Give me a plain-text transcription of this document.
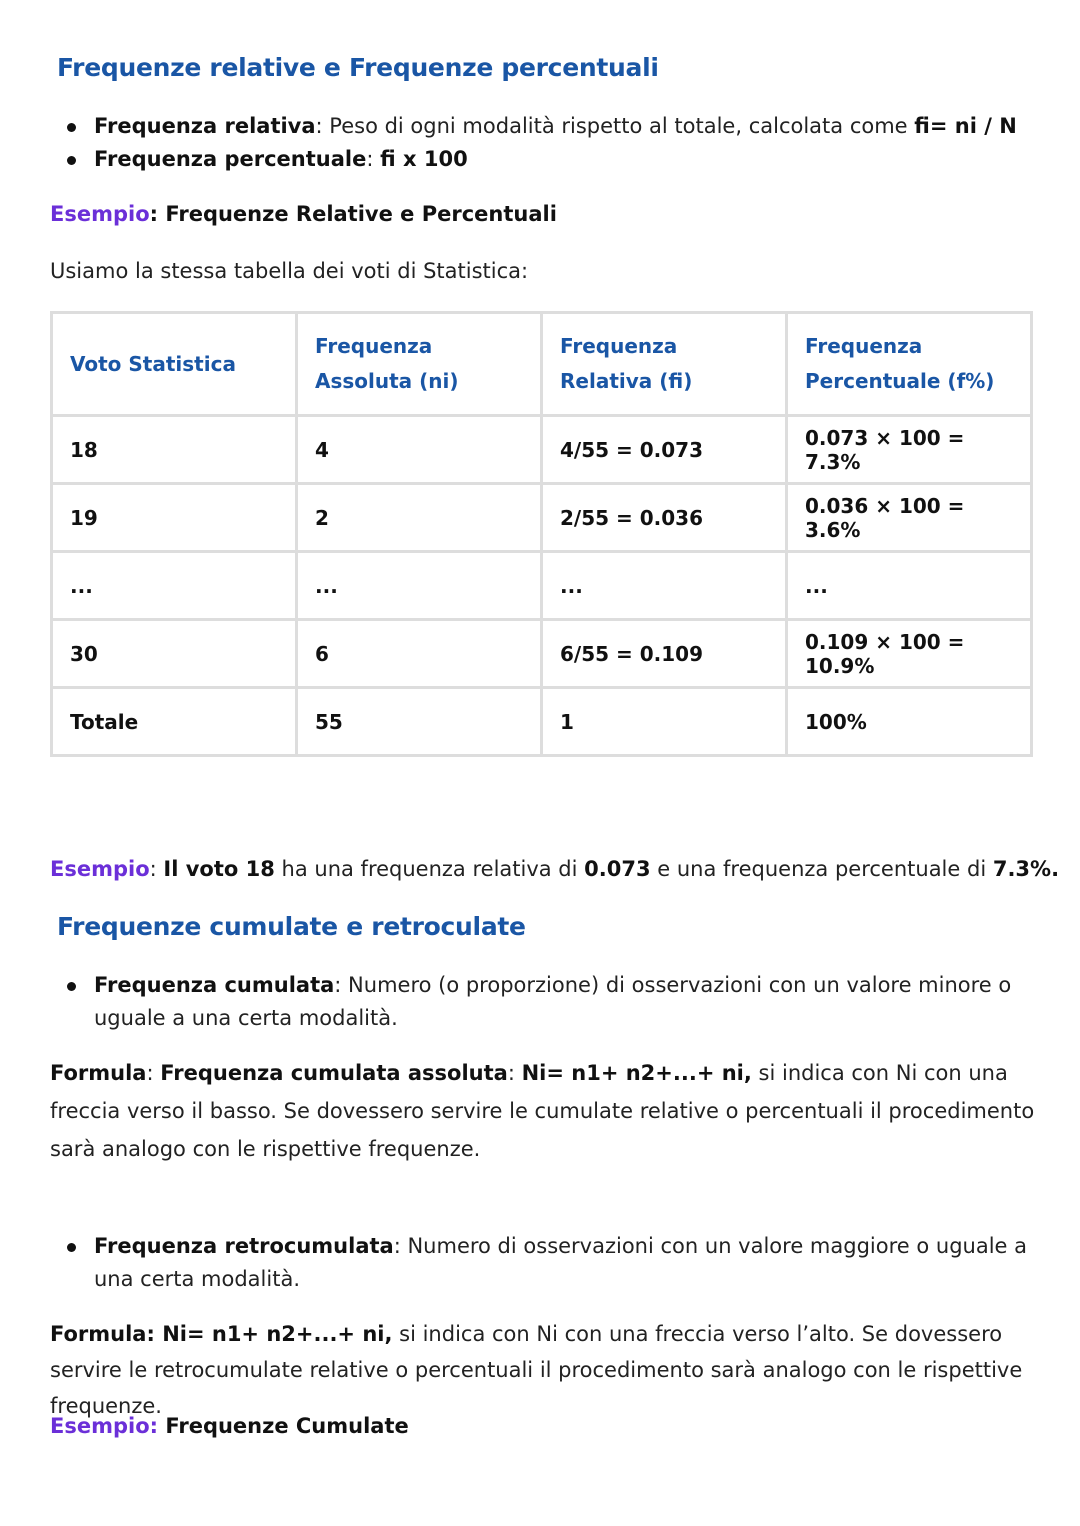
Frequenze relative e Frequenze percentuali
Frequenza relativa: Peso di ogni modalità rispetto al totale, calcolata come fi= ni / N
Frequenza percentuale: fi x 100

Esempio: Frequenze Relative e Percentuali

Usiamo la stessa tabella dei voti di Statistica:

Voto Statistica	Frequenza Assoluta (ni)	Frequenza Relativa (fi)	Frequenza Percentuale (f%)
18	4	4/55 = 0.073	0.073 × 100 = 7.3%
19	2	2/55 = 0.036	0.036 × 100 = 3.6%
...	...	...	...
30	6	6/55 = 0.109	0.109 × 100 = 10.9%
Totale	55	1	100%

Esempio: Il voto 18 ha una frequenza relativa di 0.073 e una frequenza percentuale di 7.3%.

Frequenze cumulate e retroculate
Frequenza cumulata: Numero (o proporzione) di osservazioni con un valore minore o uguale a una certa modalità.

Formula: Frequenza cumulata assoluta: Ni= n1+ n2+...+ ni, si indica con Ni con una freccia verso il basso. Se dovessero servire le cumulate relative o percentuali il procedimento sarà analogo con le rispettive frequenze.

Frequenza retrocumulata: Numero di osservazioni con un valore maggiore o uguale a una certa modalità.

Formula: Ni= n1+ n2+...+ ni, si indica con Ni con una freccia verso l’alto. Se dovessero servire le retrocumulate relative o percentuali il procedimento sarà analogo con le rispettive frequenze.

Esempio: Frequenze Cumulate
